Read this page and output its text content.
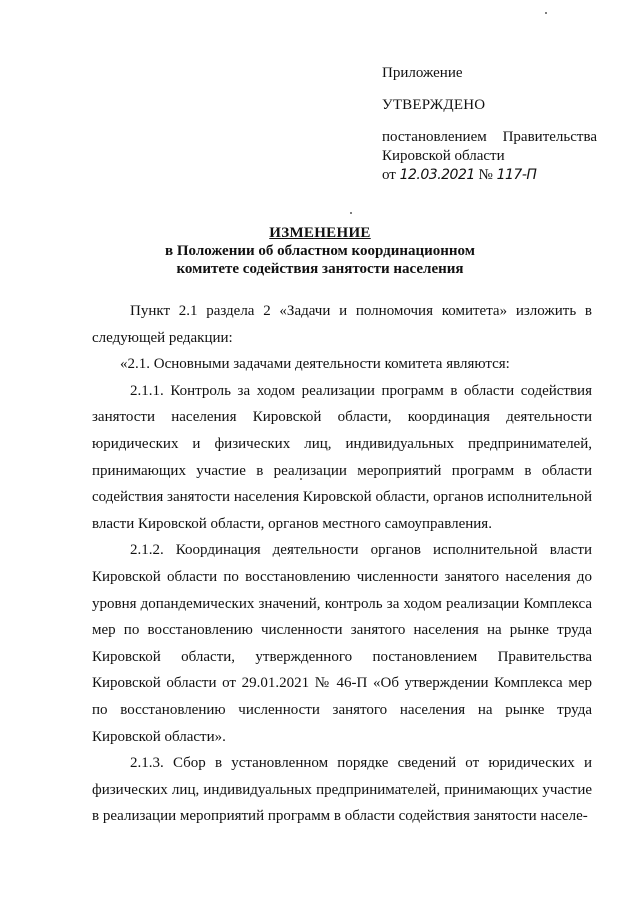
Приложение
УТВЕРЖДЕНО
постановлением Правительства
Кировской области
от 12.03.2021 № 117-П
ИЗМЕНЕНИЕ
в Положении об областном координационном
комитете содействия занятости населения

Пункт 2.1 раздела 2 «Задачи и полномочия комитета» изложить в следующей редакции:

«2.1. Основными задачами деятельности комитета являются:

2.1.1. Контроль за ходом реализации программ в области содействия занятости населения Кировской области, координация деятельности юридических и физических лиц, индивидуальных предпринимателей, принимающих участие в реализации мероприятий программ в области содействия занятости населения Кировской области, органов исполнительной власти Кировской области, органов местного самоуправления.

2.1.2. Координация деятельности органов исполнительной власти Кировской области по восстановлению численности занятого населения до уровня допандемических значений, контроль за ходом реализации Комплекса мер по восстановлению численности занятого населения на рынке труда Кировской области, утвержденного постановлением Правительства Кировской области от 29.01.2021 № 46-П «Об утверждении Комплекса мер по восстановлению численности занятого населения на рынке труда Кировской области».

2.1.3. Сбор в установленном порядке сведений от юридических и физических лиц, индивидуальных предпринимателей, принимающих участие в реализации мероприятий программ в области содействия занятости населе-
